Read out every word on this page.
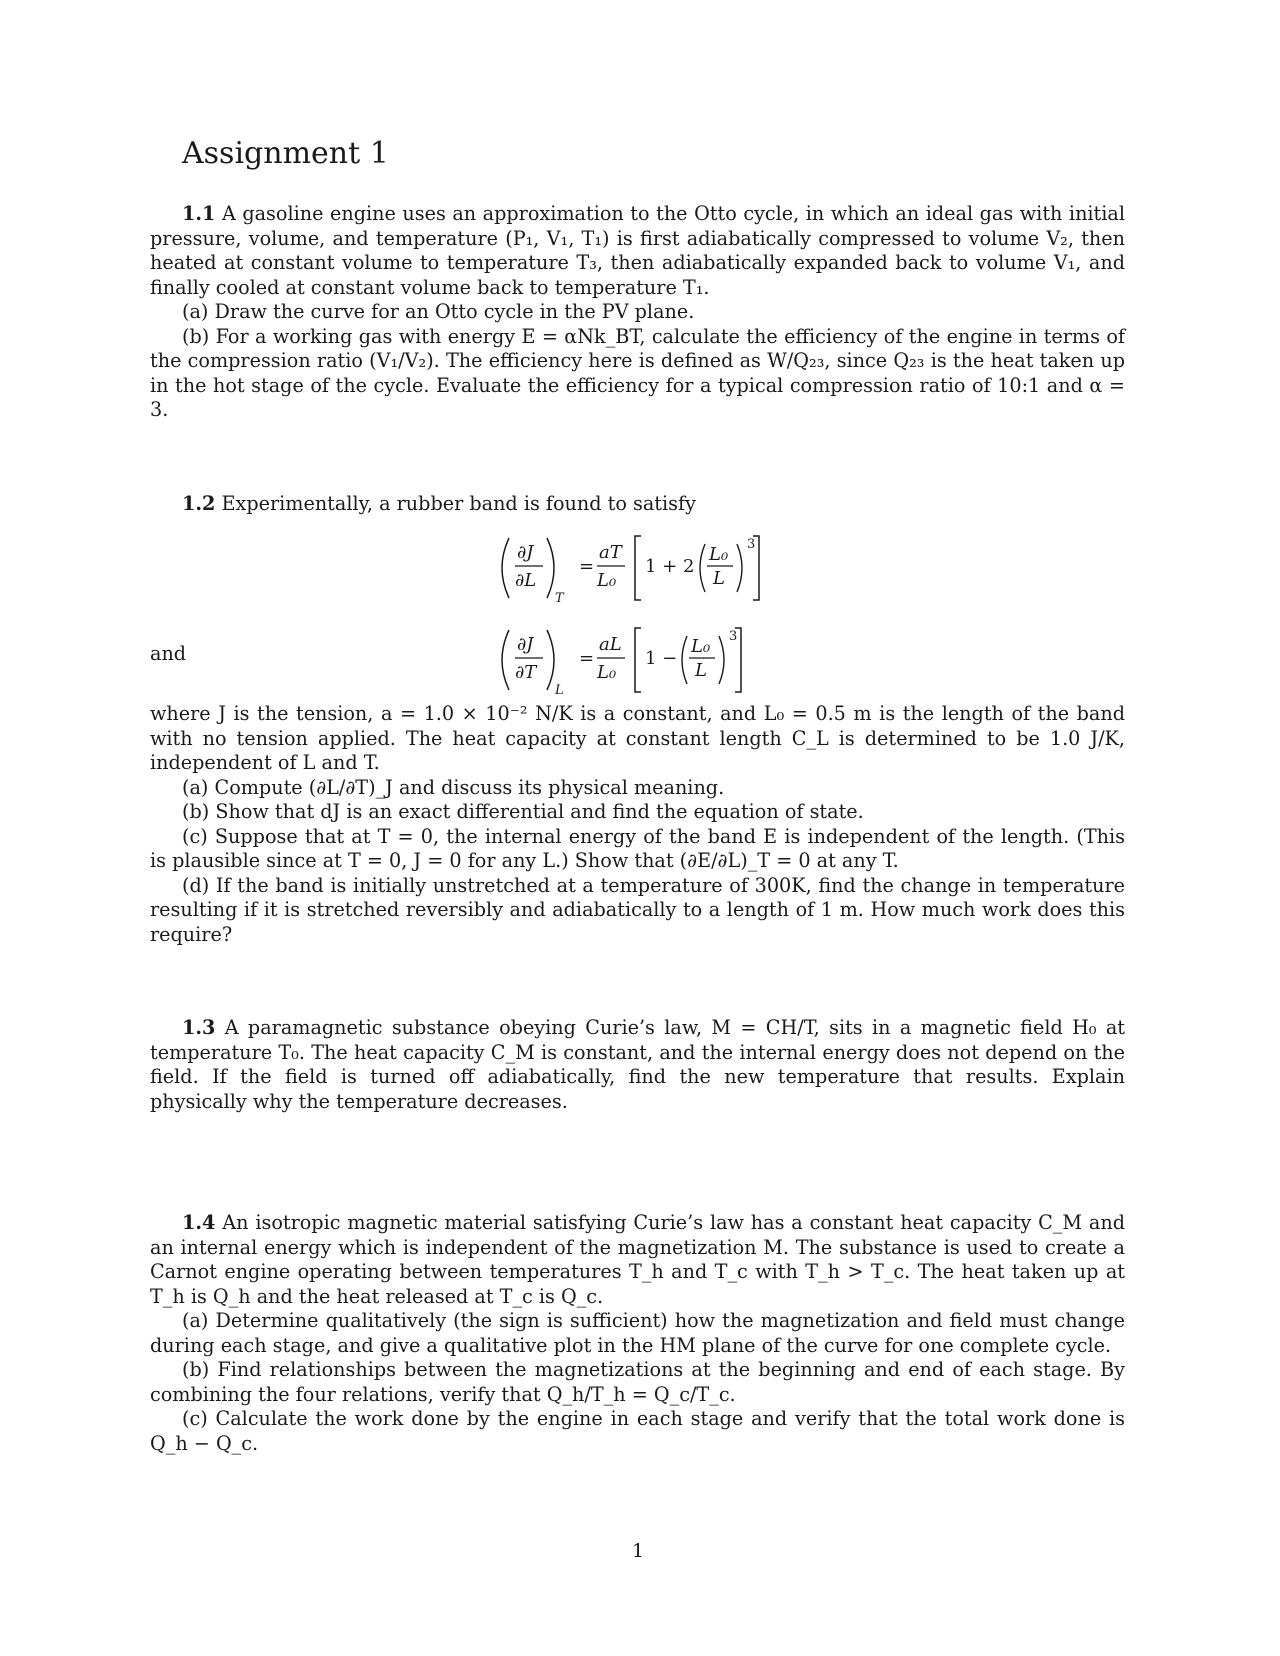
Assignment 1

1.1 A gasoline engine uses an approximation to the Otto cycle, in which an ideal gas with initial pressure, volume, and temperature (P₁, V₁, T₁) is first adiabatically compressed to volume V₂, then heated at constant volume to temperature T₃, then adiabatically expanded back to volume V₁, and finally cooled at constant volume back to temperature T₁.

(a) Draw the curve for an Otto cycle in the PV plane.

(b) For a working gas with energy E = αNk_BT, calculate the efficiency of the engine in terms of the compression ratio (V₁/V₂). The efficiency here is defined as W/Q₂₃, since Q₂₃ is the heat taken up in the hot stage of the cycle. Evaluate the efficiency for a typical compression ratio of 10:1 and α = 3.

1.2 Experimentally, a rubber band is found to satisfy

∂J
∂L
T
=
aT
L₀
1 + 2
L₀
L
3
and	∂J
∂T
L
=
aL
L₀
1 −
L₀
L
3

where J is the tension, a = 1.0 × 10⁻² N/K is a constant, and L₀ = 0.5 m is the length of the band with no tension applied. The heat capacity at constant length C_L is determined to be 1.0 J/K, independent of L and T.

(a) Compute (∂L/∂T)_J and discuss its physical meaning.

(b) Show that dJ is an exact differential and find the equation of state.

(c) Suppose that at T = 0, the internal energy of the band E is independent of the length. (This is plausible since at T = 0, J = 0 for any L.) Show that (∂E/∂L)_T = 0 at any T.

(d) If the band is initially unstretched at a temperature of 300K, find the change in temperature resulting if it is stretched reversibly and adiabatically to a length of 1 m. How much work does this require?

1.3 A paramagnetic substance obeying Curie’s law, M = CH/T, sits in a magnetic field H₀ at temperature T₀. The heat capacity C_M is constant, and the internal energy does not depend on the field. If the field is turned off adiabatically, find the new temperature that results. Explain physically why the temperature decreases.

1.4 An isotropic magnetic material satisfying Curie’s law has a constant heat capacity C_M and an internal energy which is independent of the magnetization M. The substance is used to create a Carnot engine operating between temperatures T_h and T_c with T_h > T_c. The heat taken up at T_h is Q_h and the heat released at T_c is Q_c.

(a) Determine qualitatively (the sign is sufficient) how the magnetization and field must change during each stage, and give a qualitative plot in the HM plane of the curve for one complete cycle.

(b) Find relationships between the magnetizations at the beginning and end of each stage. By combining the four relations, verify that Q_h/T_h = Q_c/T_c.

(c) Calculate the work done by the engine in each stage and verify that the total work done is Q_h − Q_c.

1
